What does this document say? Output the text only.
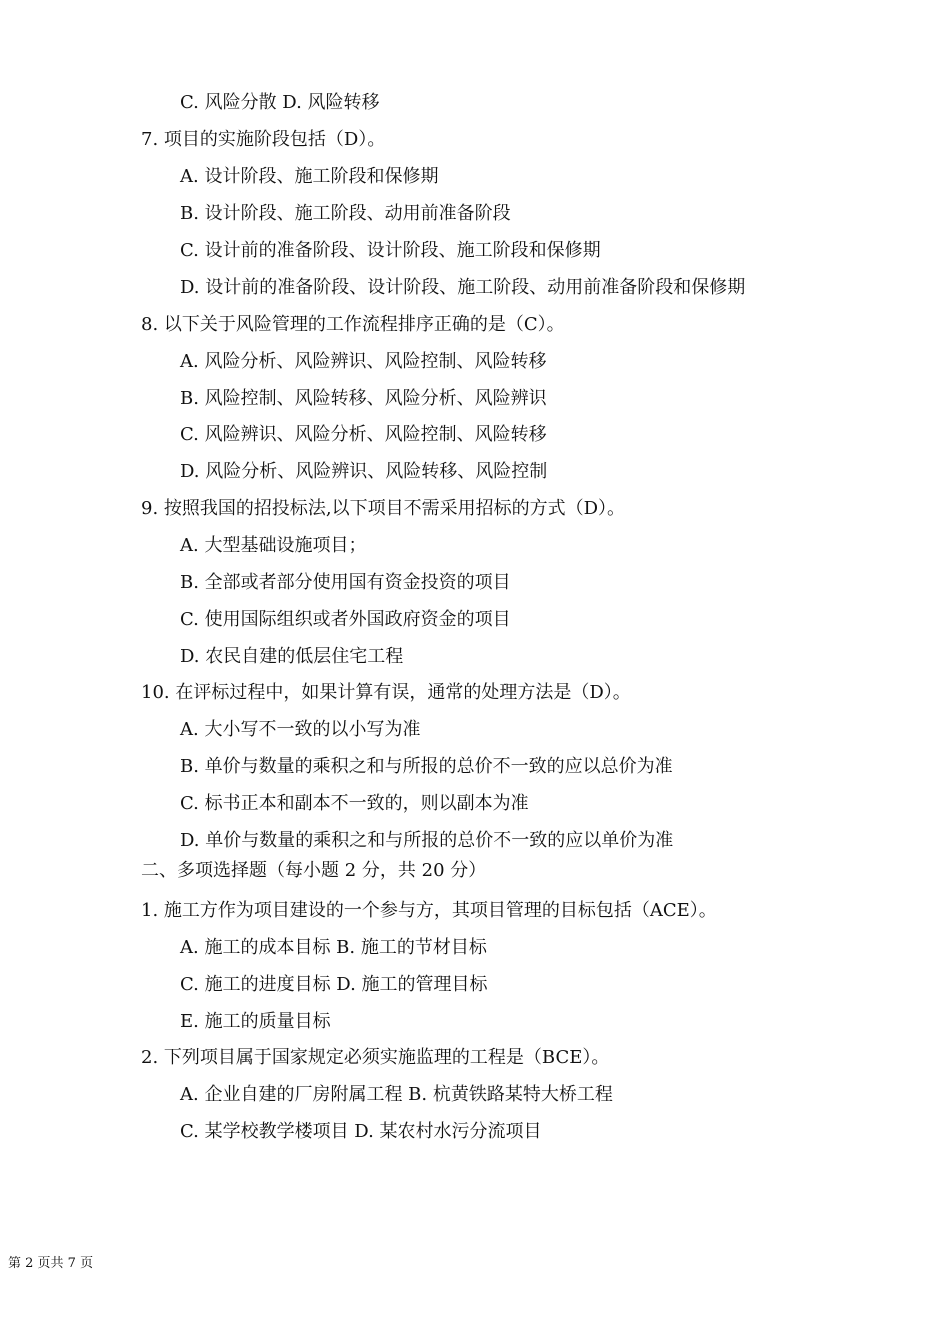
C. 风险分散 D. 风险转移
7. 项目的实施阶段包括（D）。
A. 设计阶段、施工阶段和保修期
B. 设计阶段、施工阶段、动用前准备阶段
C. 设计前的准备阶段、设计阶段、施工阶段和保修期
D. 设计前的准备阶段、设计阶段、施工阶段、动用前准备阶段和保修期
8. 以下关于风险管理的工作流程排序正确的是（C）。
A. 风险分析、风险辨识、风险控制、风险转移
B. 风险控制、风险转移、风险分析、风险辨识
C. 风险辨识、风险分析、风险控制、风险转移
D. 风险分析、风险辨识、风险转移、风险控制
9. 按照我国的招投标法,以下项目不需采用招标的方式（D）。
A. 大型基础设施项目；
B. 全部或者部分使用国有资金投资的项目
C. 使用国际组织或者外国政府资金的项目
D. 农民自建的低层住宅工程
10. 在评标过程中，如果计算有误，通常的处理方法是（D）。
A. 大小写不一致的以小写为准
B. 单价与数量的乘积之和与所报的总价不一致的应以总价为准
C. 标书正本和副本不一致的，则以副本为准
D. 单价与数量的乘积之和与所报的总价不一致的应以单价为准
二、多项选择题（每小题 2 分，共 20 分）
1. 施工方作为项目建设的一个参与方，其项目管理的目标包括（ACE）。
A. 施工的成本目标 B. 施工的节材目标
C. 施工的进度目标 D. 施工的管理目标
E. 施工的质量目标
2. 下列项目属于国家规定必须实施监理的工程是（BCE）。
A. 企业自建的厂房附属工程 B. 杭黄铁路某特大桥工程
C. 某学校教学楼项目 D. 某农村水污分流项目
第 2 页共 7 页
